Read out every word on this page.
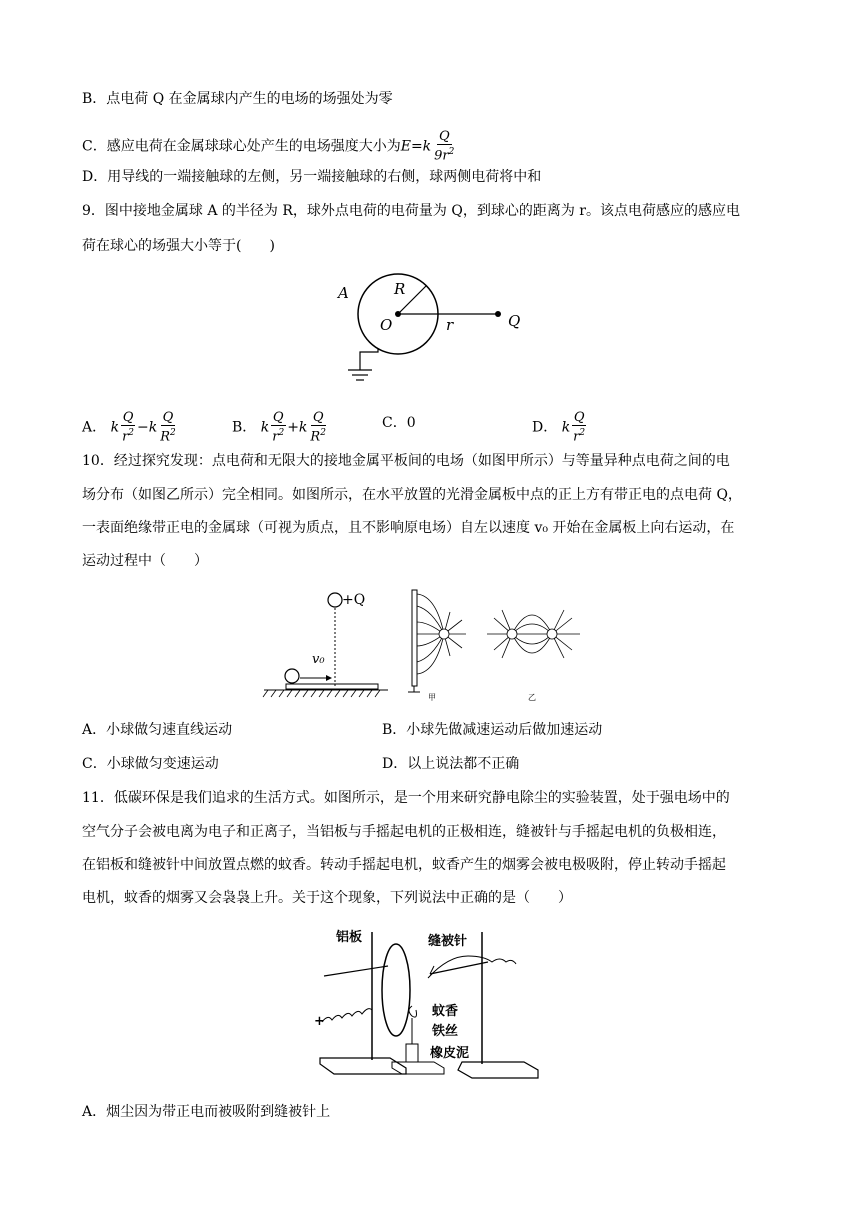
B．点电荷 Q 在金属球内产生的电场的场强处为零
C．感应电荷在金属球球心处产生的电场强度大小为$E=k \frac{Q}{9r^2}$
D．用导线的一端接触球的左侧，另一端接触球的右侧，球两侧电荷将中和
9．图中接地金属球 A 的半径为 R，球外点电荷的电荷量为 Q，到球心的距离为 r。该点电荷感应的感应电
荷在球心的场强大小等于(　　)
A	R
O	r	Q
A． k $\frac{Q}{r^2} -k \frac{Q}{R^2}$	B． k $\frac{Q}{r^2} +k \frac{Q}{R^2}$	C．0	D． k $\frac{Q}{r^2}$
10．经过探究发现：点电荷和无限大的接地金属平板间的电场（如图甲所示）与等量异种点电荷之间的电
场分布（如图乙所示）完全相同。如图所示，在水平放置的光滑金属板中点的正上方有带正电的点电荷 Q，
一表面绝缘带正电的金属球（可视为质点，且不影响原电场）自左以速度 v₀ 开始在金属板上向右运动，在
运动过程中（　　）
+Q
v₀
甲	乙
A．小球做匀速直线运动	B．小球先做减速运动后做加速运动
C．小球做匀变速运动	D．以上说法都不正确
11．低碳环保是我们追求的生活方式。如图所示，是一个用来研究静电除尘的实验装置，处于强电场中的
空气分子会被电离为电子和正离子，当铝板与手摇起电机的正极相连，缝被针与手摇起电机的负极相连，
在铝板和缝被针中间放置点燃的蚊香。转动手摇起电机，蚊香产生的烟雾会被电极吸附，停止转动手摇起
电机，蚊香的烟雾又会袅袅上升。关于这个现象，下列说法中正确的是（　　）
铝板	缝被针
蚊香
铁丝
橡皮泥
+
A．烟尘因为带正电而被吸附到缝被针上
